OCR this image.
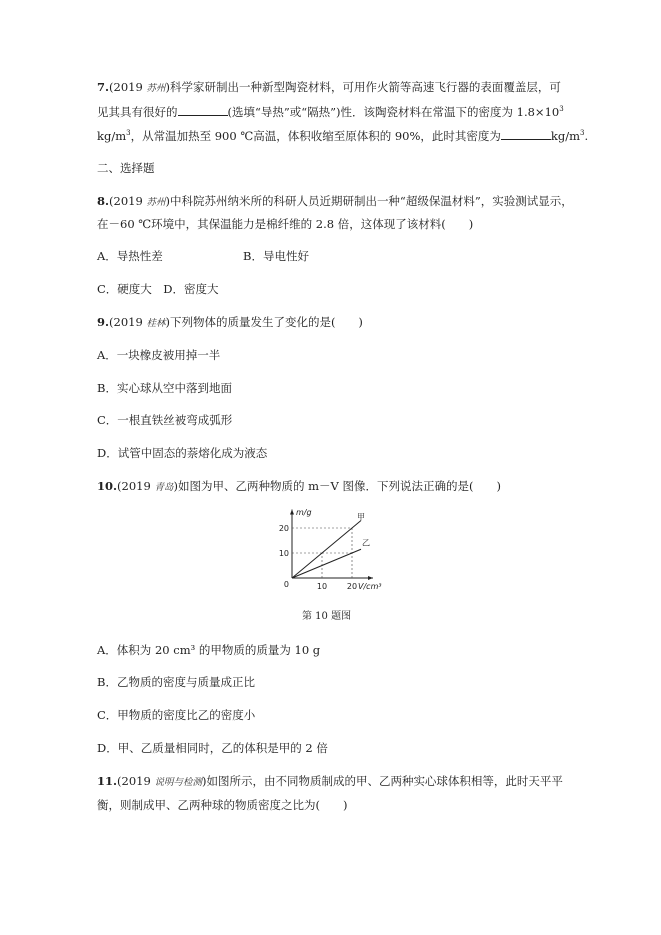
7.(2019 苏州)科学家研制出一种新型陶瓷材料，可用作火箭等高速飞行器的表面覆盖层，可
见其具有很好的	(选填“导热”或“隔热”)性．该陶瓷材料在常温下的密度为 $1.8\times 10^3$
$kg/m^3$，从常温加热至 900 ℃高温，体积收缩至原体积的 90%，此时其密度为	$kg/m^3$.
二、选择题
8.(2019 苏州)中科院苏州纳米所的科研人员近期研制出一种“超级保温材料”，实验测试显示，
在－60 ℃环境中，其保温能力是棉纤维的 2.8 倍，这体现了该材料(　　)
A．导热性差	B．导电性好
C．硬度大　D．密度大
9.(2019 桂林)下列物体的质量发生了变化的是(　　)
A．一块橡皮被用掉一半
B．实心球从空中落到地面
C．一根直铁丝被弯成弧形
D．试管中固态的萘熔化成为液态
10.(2019 青岛)如图为甲、乙两种物质的 m－V 图像．下列说法正确的是(　　)
10 20
10
20
0
m/g
V/cm³
甲
乙
第 10 题图
A．体积为 20 cm³ 的甲物质的质量为 10 g
B．乙物质的密度与质量成正比
C．甲物质的密度比乙的密度小
D．甲、乙质量相同时，乙的体积是甲的 2 倍
11.(2019 说明与检测)如图所示，由不同物质制成的甲、乙两种实心球体积相等，此时天平平
衡，则制成甲、乙两种球的物质密度之比为(　　)
